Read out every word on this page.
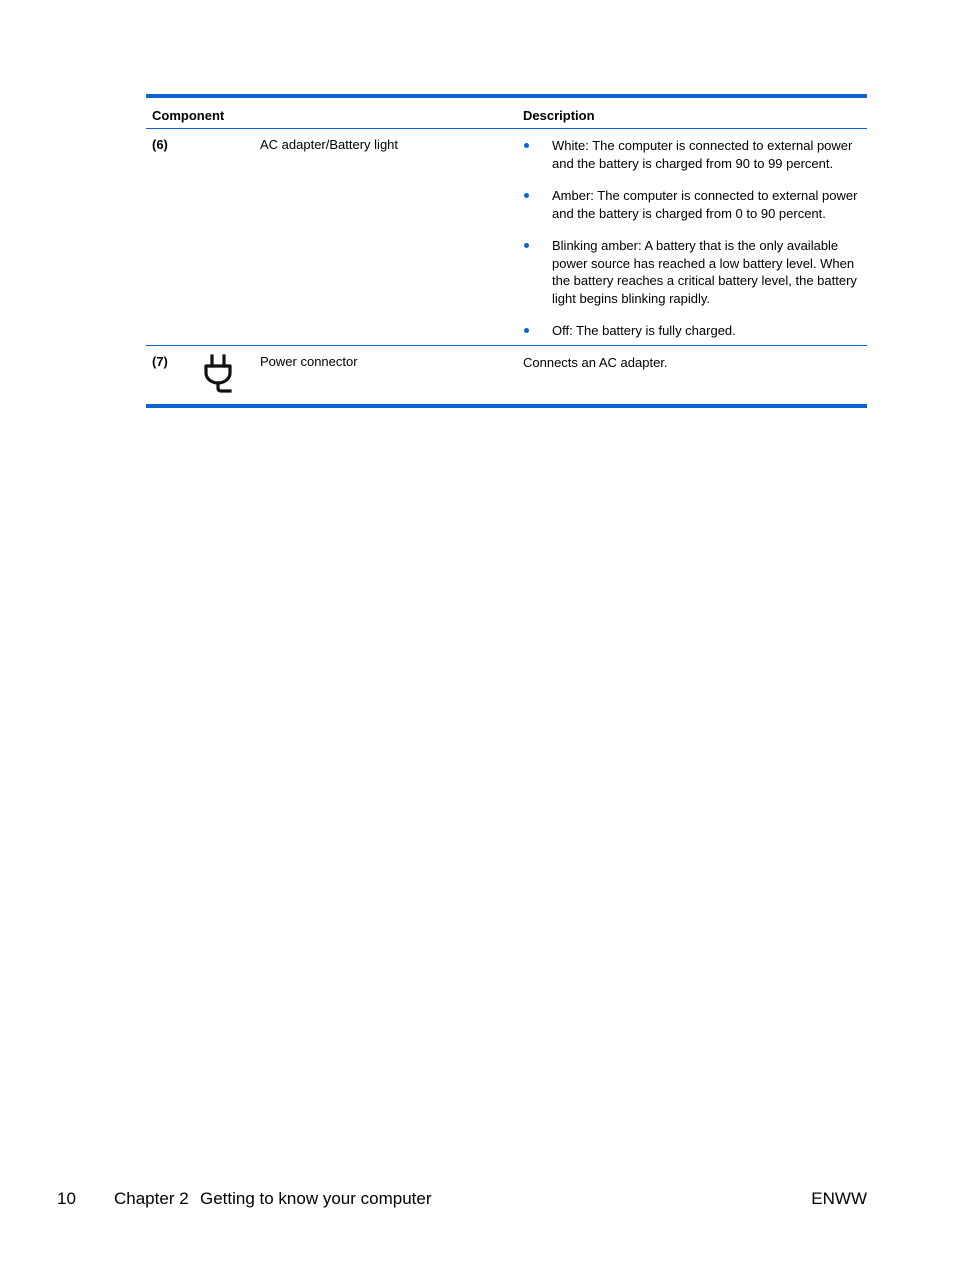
Component	Description
(6)	AC adapter/Battery light	White: The computer is connected to external power and the battery is charged from 90 to 99 percent.
Amber: The computer is connected to external power and the battery is charged from 0 to 90 percent.
Blinking amber: A battery that is the only available power source has reached a low battery level. When the battery reaches a critical battery level, the battery light begins blinking rapidly.
Off: The battery is fully charged.
(7)	Power connector	Connects an AC adapter.
10 Chapter 2 Getting to know your computer	ENWW
